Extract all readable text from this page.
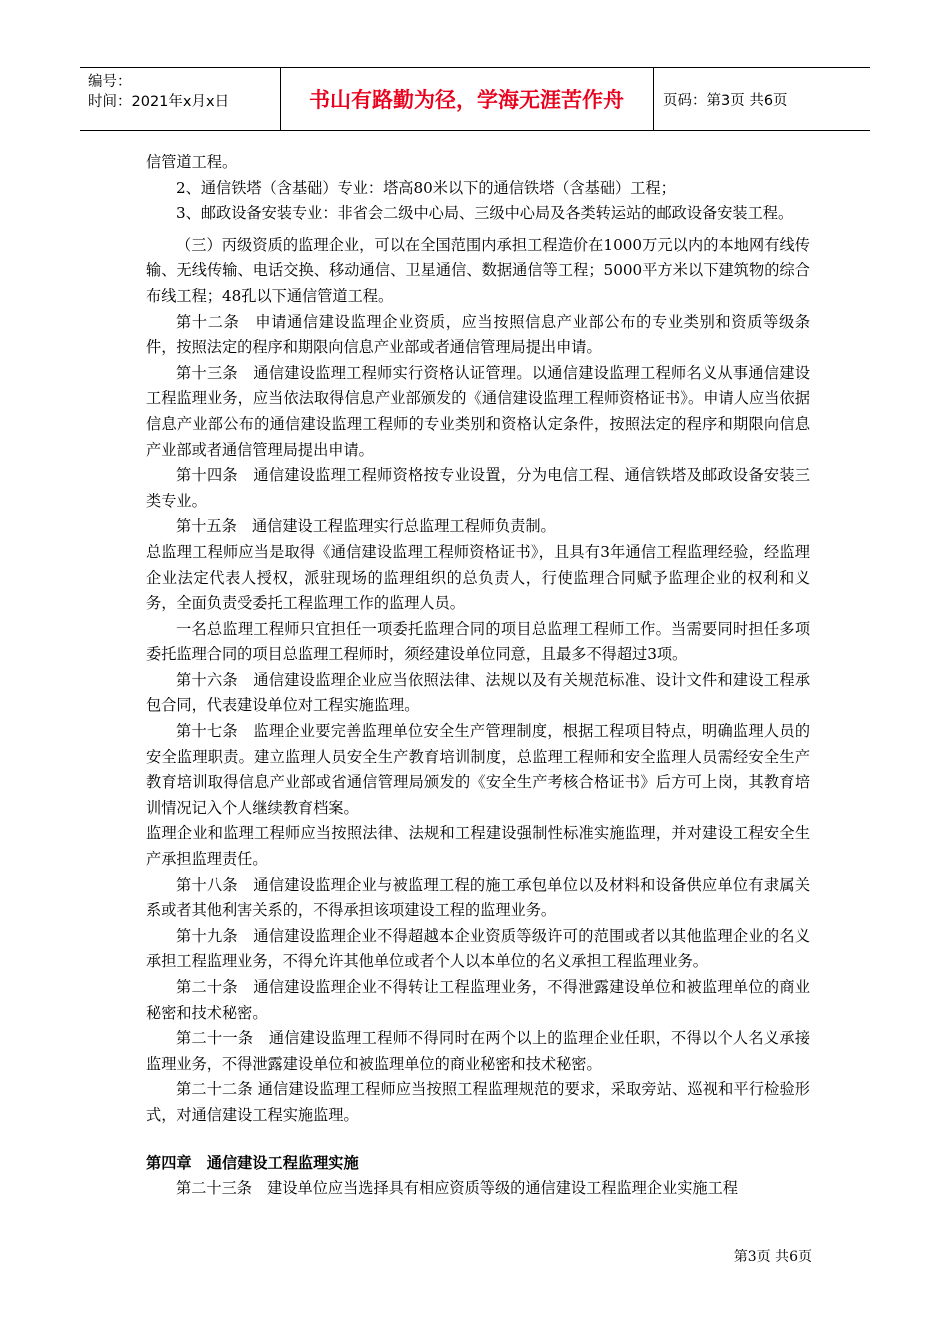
编号：
时间：2021年x月x日	书山有路勤为径，学海无涯苦作舟	页码：第3页 共6页

信管道工程。

2、通信铁塔（含基础）专业：塔高80米以下的通信铁塔（含基础）工程；

3、邮政设备安装专业：非省会二级中心局、三级中心局及各类转运站的邮政设备安装工程。

（三）丙级资质的监理企业，可以在全国范围内承担工程造价在1000万元以内的本地网有线传输、无线传输、电话交换、移动通信、卫星通信、数据通信等工程；5000平方米以下建筑物的综合布线工程；48孔以下通信管道工程。

第十二条　申请通信建设监理企业资质，应当按照信息产业部公布的专业类别和资质等级条件，按照法定的程序和期限向信息产业部或者通信管理局提出申请。

第十三条　通信建设监理工程师实行资格认证管理。以通信建设监理工程师名义从事通信建设工程监理业务，应当依法取得信息产业部颁发的《通信建设监理工程师资格证书》。申请人应当依据信息产业部公布的通信建设监理工程师的专业类别和资格认定条件，按照法定的程序和期限向信息产业部或者通信管理局提出申请。

第十四条　通信建设监理工程师资格按专业设置，分为电信工程、通信铁塔及邮政设备安装三类专业。

第十五条　通信建设工程监理实行总监理工程师负责制。

总监理工程师应当是取得《通信建设监理工程师资格证书》，且具有3年通信工程监理经验，经监理企业法定代表人授权，派驻现场的监理组织的总负责人，行使监理合同赋予监理企业的权利和义务，全面负责受委托工程监理工作的监理人员。

一名总监理工程师只宜担任一项委托监理合同的项目总监理工程师工作。当需要同时担任多项委托监理合同的项目总监理工程师时，须经建设单位同意，且最多不得超过3项。

第十六条　通信建设监理企业应当依照法律、法规以及有关规范标准、设计文件和建设工程承包合同，代表建设单位对工程实施监理。

第十七条　监理企业要完善监理单位安全生产管理制度，根据工程项目特点，明确监理人员的安全监理职责。建立监理人员安全生产教育培训制度，总监理工程师和安全监理人员需经安全生产教育培训取得信息产业部或省通信管理局颁发的《安全生产考核合格证书》后方可上岗，其教育培训情况记入个人继续教育档案。

监理企业和监理工程师应当按照法律、法规和工程建设强制性标准实施监理，并对建设工程安全生产承担监理责任。

第十八条　通信建设监理企业与被监理工程的施工承包单位以及材料和设备供应单位有隶属关系或者其他利害关系的，不得承担该项建设工程的监理业务。

第十九条　通信建设监理企业不得超越本企业资质等级许可的范围或者以其他监理企业的名义承担工程监理业务，不得允许其他单位或者个人以本单位的名义承担工程监理业务。

第二十条　通信建设监理企业不得转让工程监理业务，不得泄露建设单位和被监理单位的商业秘密和技术秘密。

第二十一条　通信建设监理工程师不得同时在两个以上的监理企业任职，不得以个人名义承接监理业务，不得泄露建设单位和被监理单位的商业秘密和技术秘密。

第二十二条 通信建设监理工程师应当按照工程监理规范的要求，采取旁站、巡视和平行检验形式，对通信建设工程实施监理。

第四章　通信建设工程监理实施

第二十三条　建设单位应当选择具有相应资质等级的通信建设工程监理企业实施工程

第3页 共6页
